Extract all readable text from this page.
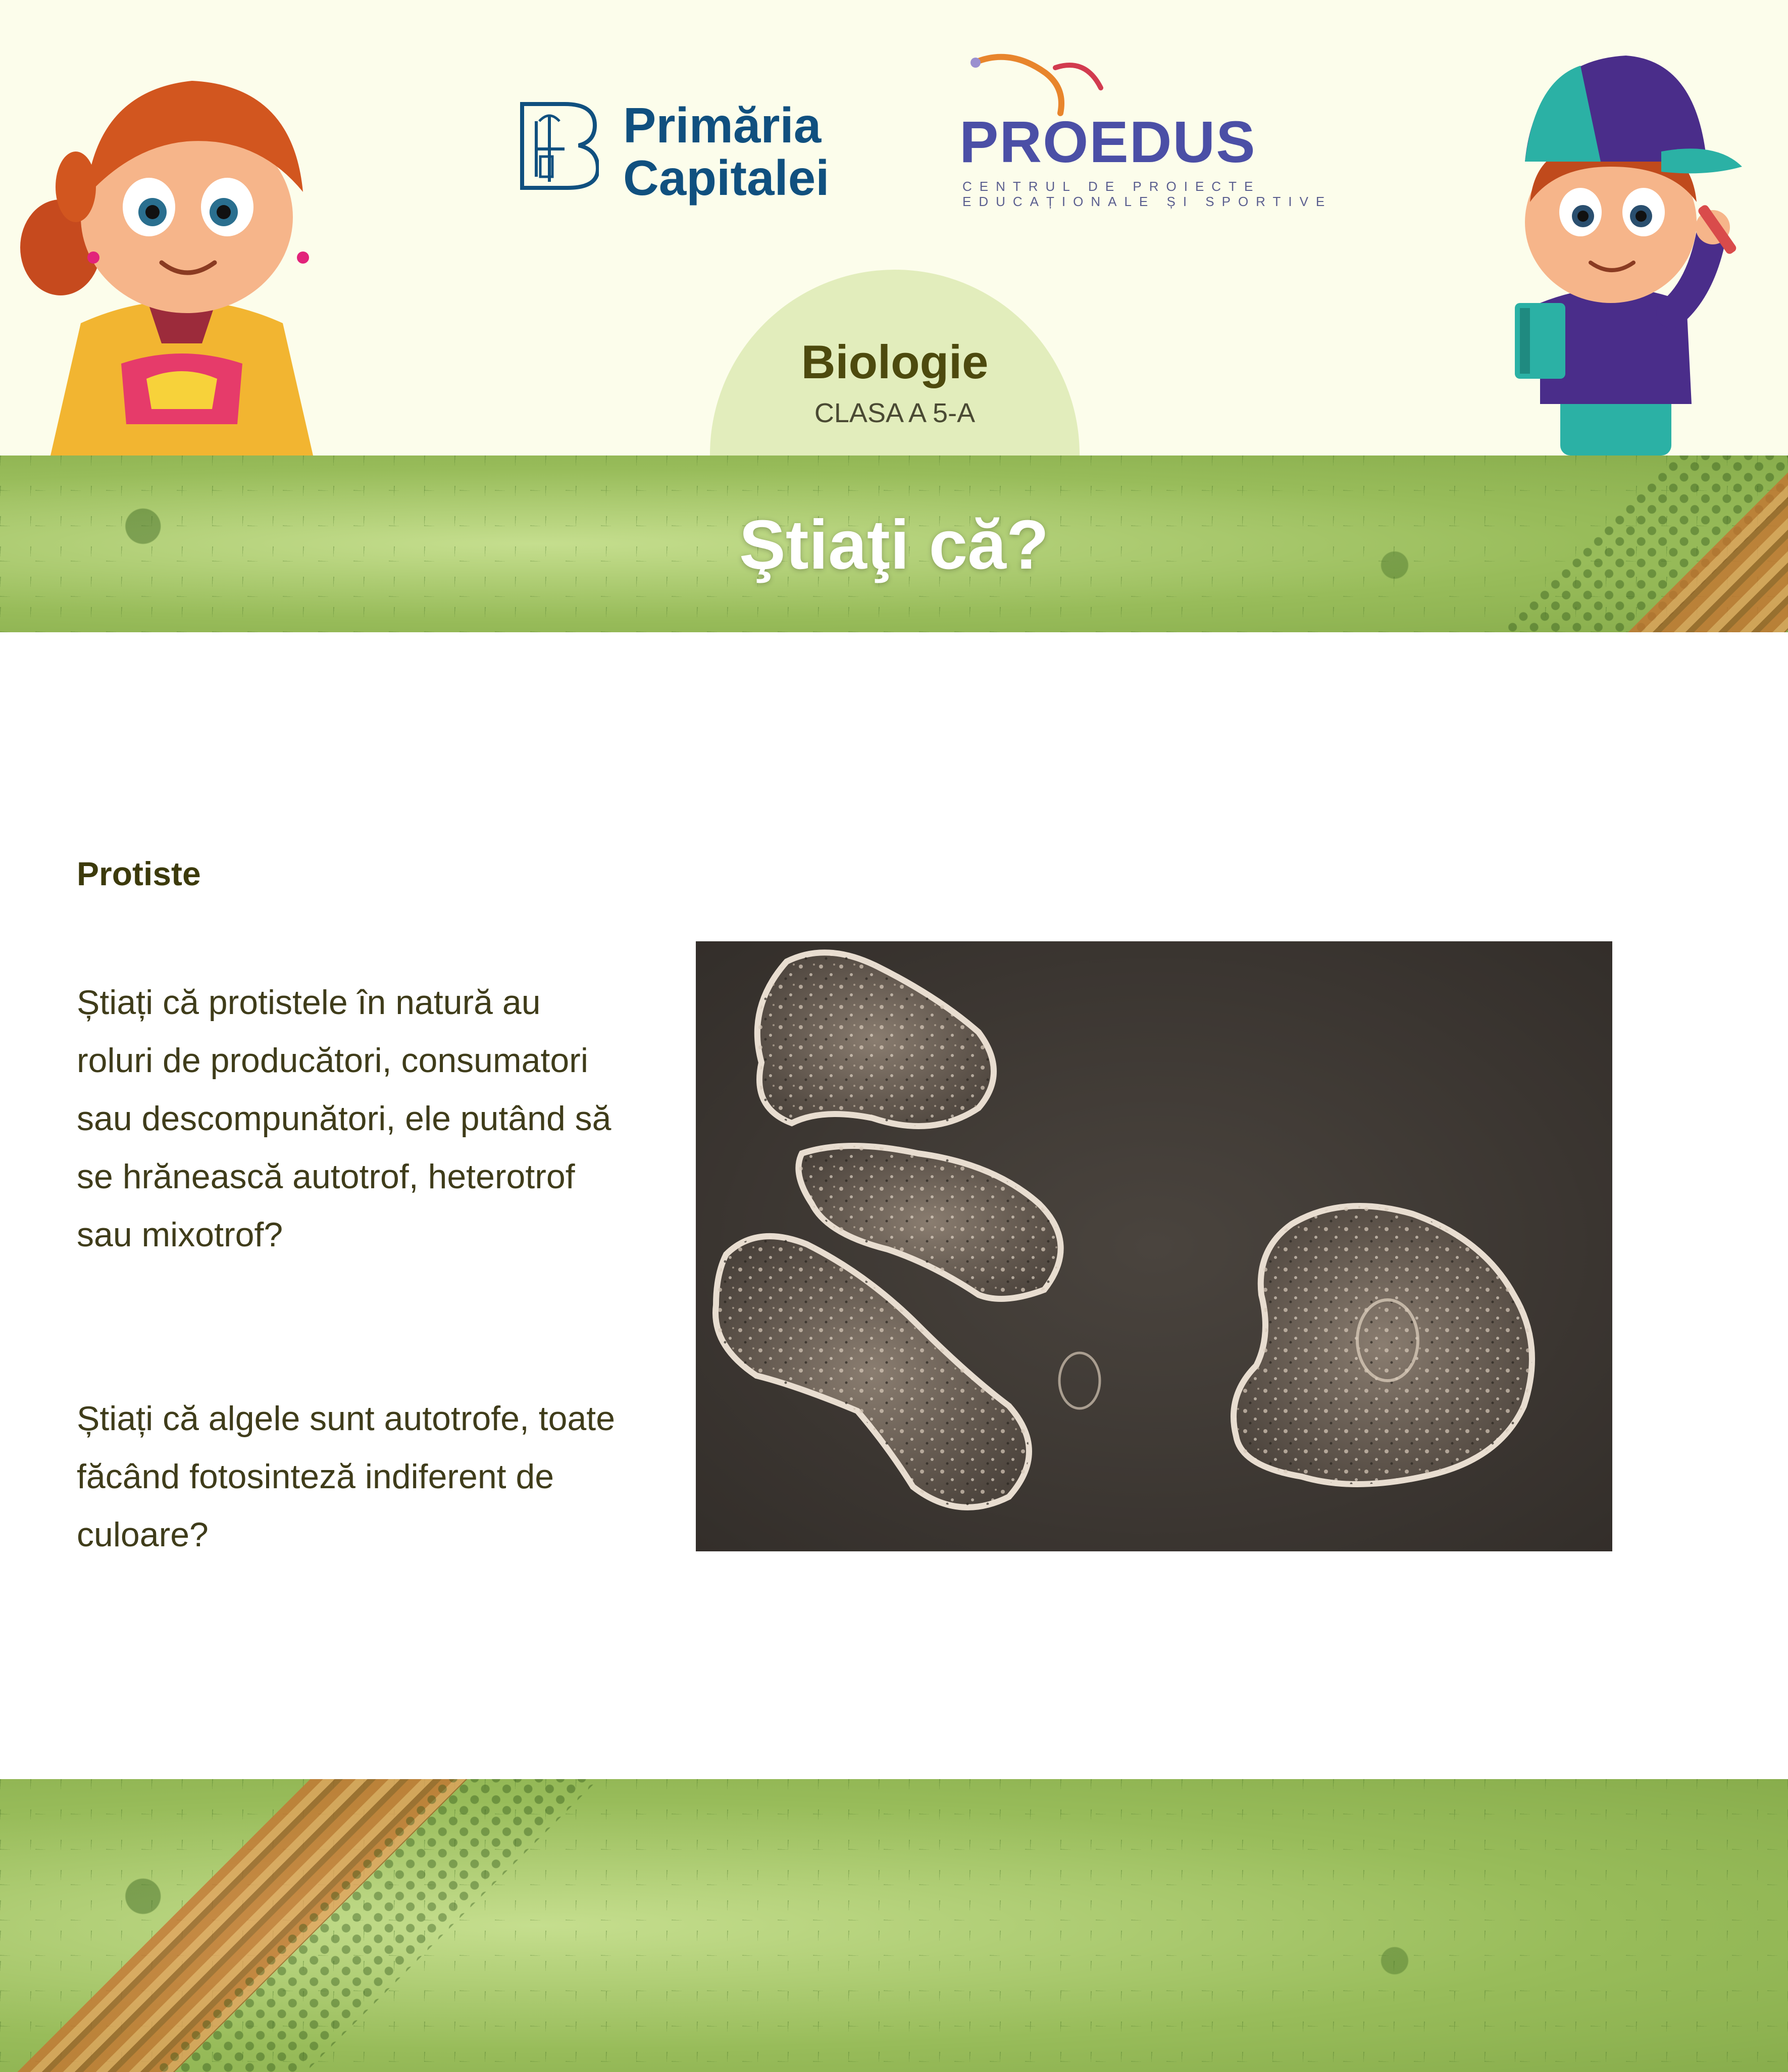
Primăria
Capitalei
PROEDUS
CENTRUL DE PROIECTE
EDUCAȚIONALE ȘI SPORTIVE
Biologie
CLASA A 5-A
Ştiaţi că?
Protiste
Știați că protistele în natură au roluri de producători, consumatori sau descompunători, ele putând să se hrănească autotrof, heterotrof sau mixotrof?
Știați că algele sunt autotrofe, toate făcând fotosinteză indiferent de culoare?
